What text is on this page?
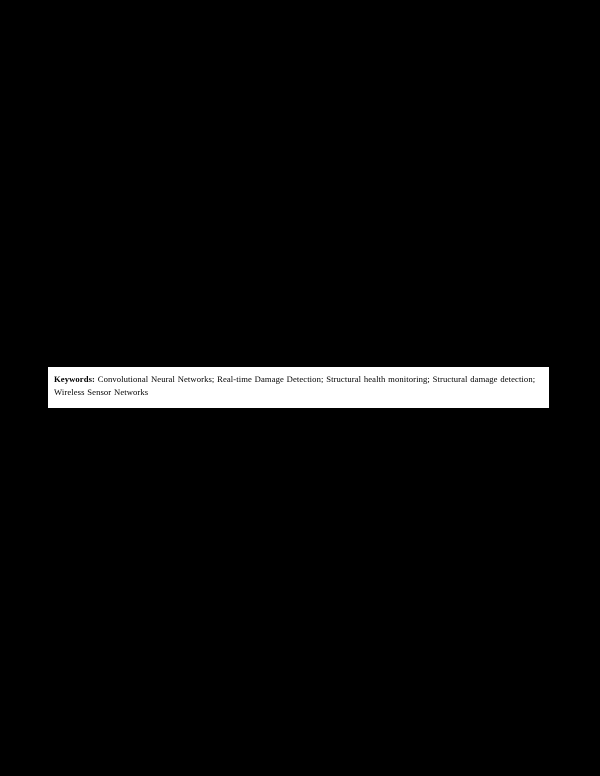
Keywords: Convolutional Neural Networks; Real-time Damage Detection; Structural health monitoring; Structural damage detection; Wireless Sensor Networks
